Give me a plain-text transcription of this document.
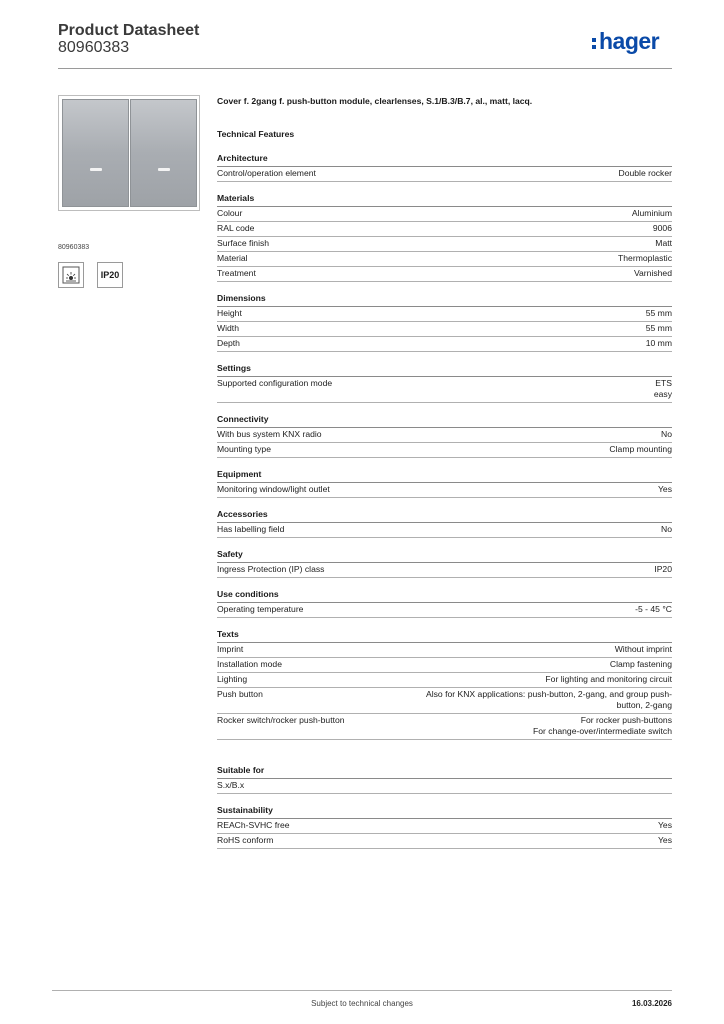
Product Datasheet
80960383	hager
80960383
IP20
Cover f. 2gang f. push-button module, clearlenses, S.1/B.3/B.7, al., matt, lacq.
Technical Features
Architecture
Control/operation element	Double rocker
Materials
Colour	Aluminium
RAL code	9006
Surface finish	Matt
Material	Thermoplastic
Treatment	Varnished
Dimensions
Height	55 mm
Width	55 mm
Depth	10 mm
Settings
Supported configuration mode	ETS
easy
Connectivity
With bus system KNX radio	No
Mounting type	Clamp mounting
Equipment
Monitoring window/light outlet	Yes
Accessories
Has labelling field	No
Safety
Ingress Protection (IP) class	IP20
Use conditions
Operating temperature	-5 - 45 °C
Texts
Imprint	Without imprint
Installation mode	Clamp fastening
Lighting	For lighting and monitoring circuit
Push button	Also for KNX applications: push-button, 2-gang, and group push-
button, 2-gang
Rocker switch/rocker push-button	For rocker push-buttons
For change-over/intermediate switch
Suitable for
S.x/B.x
Sustainability
REACh-SVHC free	Yes
RoHS conform	Yes
Subject to technical changes	16.03.2026
